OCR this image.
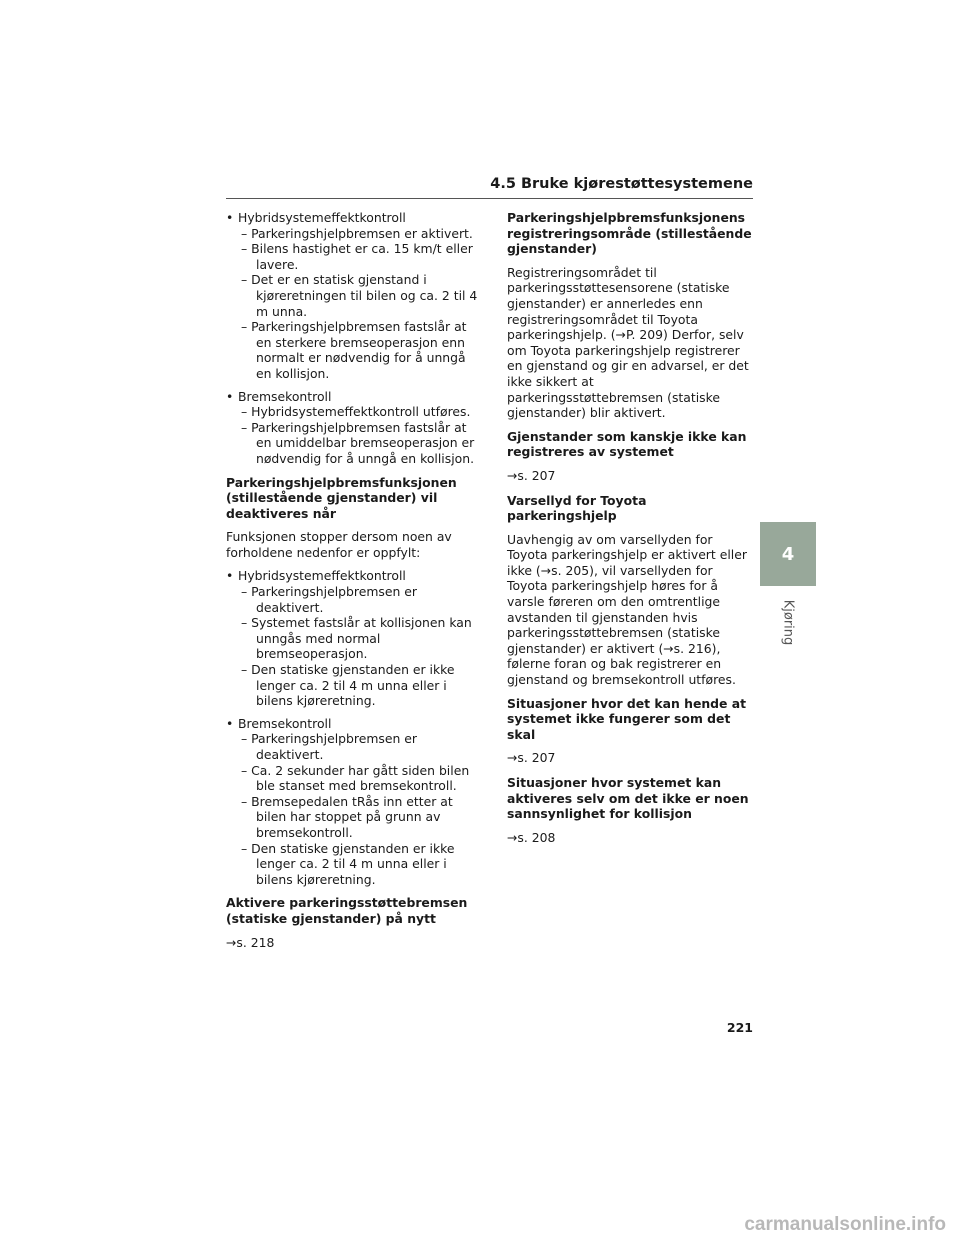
4.5 Bruke kjørestøttesystemene
• Hybridsystemeffektkontroll
– Parkeringshjelpbremsen er aktivert.
– Bilens hastighet er ca. 15 km/t eller lavere.
– Det er en statisk gjenstand i kjøreretningen til bilen og ca. 2 til 4 m unna.
– Parkeringshjelpbremsen fastslår at en sterkere bremseoperasjon enn normalt er nødvendig for å unngå en kollisjon.
• Bremsekontroll
– Hybridsystemeffektkontroll utføres.
– Parkeringshjelpbremsen fastslår at en umiddelbar bremseoperasjon er nødvendig for å unngå en kollisjon.
Parkeringshjelpbremsfunksjonen (stillestående gjenstander) vil deaktiveres når

Funksjonen stopper dersom noen av forholdene nedenfor er oppfylt:

• Hybridsystemeffektkontroll
– Parkeringshjelpbremsen er deaktivert.
– Systemet fastslår at kollisjonen kan unngås med normal bremseoperasjon.
– Den statiske gjenstanden er ikke lenger ca. 2 til 4 m unna eller i bilens kjøreretning.
• Bremsekontroll
– Parkeringshjelpbremsen er deaktivert.
– Ca. 2 sekunder har gått siden bilen ble stanset med bremsekontroll.
– Bremsepedalen tRås inn etter at bilen har stoppet på grunn av bremsekontroll.
– Den statiske gjenstanden er ikke lenger ca. 2 til 4 m unna eller i bilens kjøreretning.
Aktivere parkeringsstøttebremsen (statiske gjenstander) på nytt

→s. 218

Parkeringshjelpbremsfunksjonens registreringsområde (stillestående gjenstander)

Registreringsområdet til parkeringsstøttesensorene (statiske gjenstander) er annerledes enn registreringsområdet til Toyota parkeringshjelp. (→P. 209) Derfor, selv om Toyota parkeringshjelp registrerer en gjenstand og gir en advarsel, er det ikke sikkert at parkeringsstøttebremsen (statiske gjenstander) blir aktivert.

Gjenstander som kanskje ikke kan registreres av systemet

→s. 207

Varsellyd for Toyota parkeringshjelp

Uavhengig av om varsellyden for Toyota parkeringshjelp er aktivert eller ikke (→s. 205), vil varsellyden for Toyota parkeringshjelp høres for å varsle føreren om den omtrentlige avstanden til gjenstanden hvis parkeringsstøttebremsen (statiske gjenstander) er aktivert (→s. 216), følerne foran og bak registrerer en gjenstand og bremsekontroll utføres.

Situasjoner hvor det kan hende at systemet ikke fungerer som det skal

→s. 207

Situasjoner hvor systemet kan aktiveres selv om det ikke er noen sannsynlighet for kollisjon

→s. 208

4
Kjøring
221
carmanualsonline.info
